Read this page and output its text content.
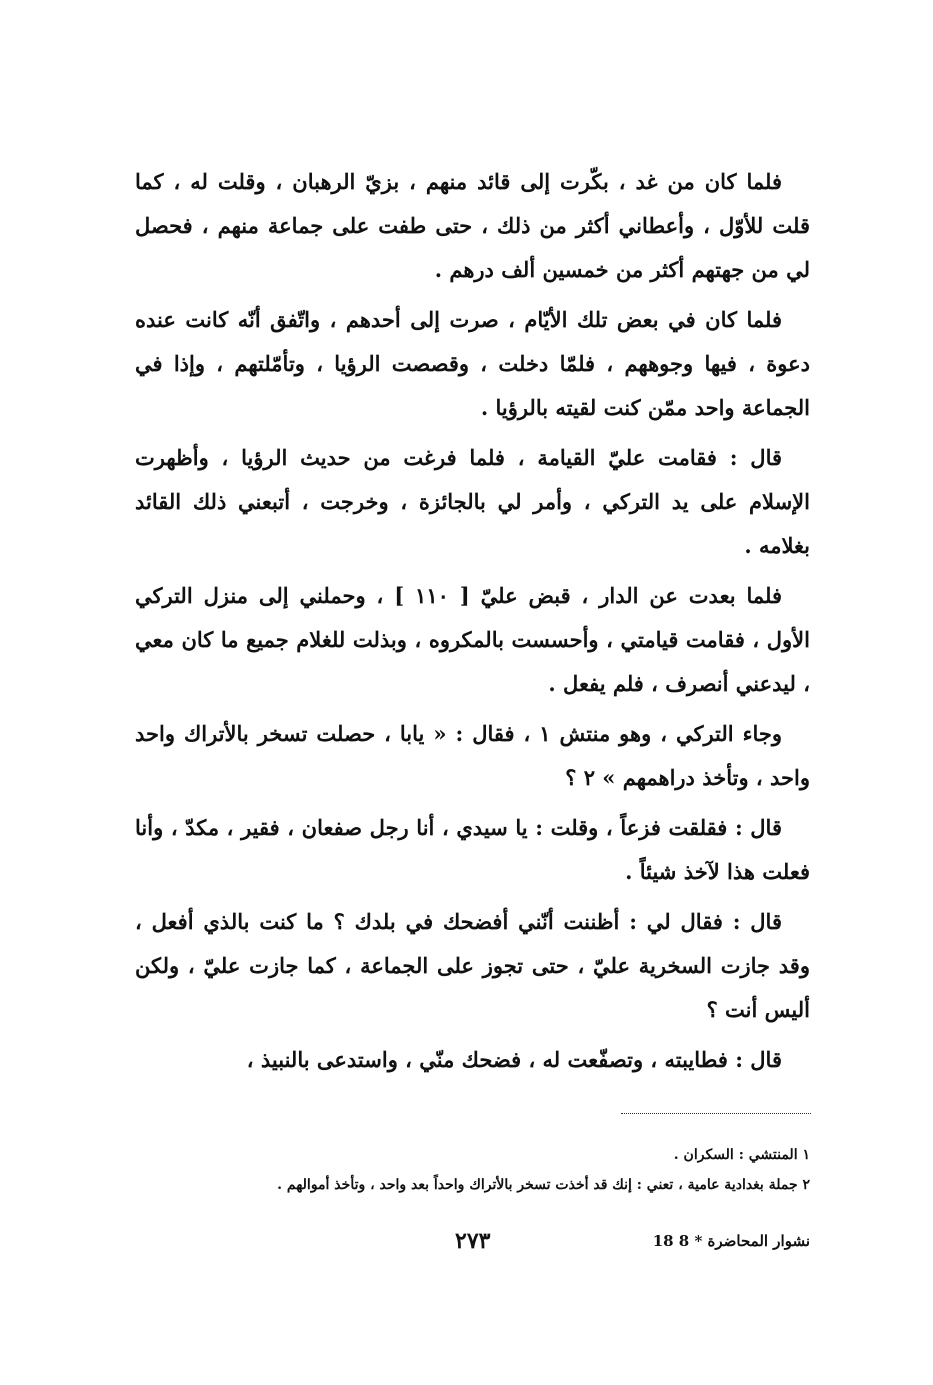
فلما كان من غد ، بكّرت إلى قائد منهم ، بزيّ الرهبان ، وقلت له ، كما قلت للأوّل ، وأعطاني أكثر من ذلك ، حتى طفت على جماعة منهم ، فحصل لي من جهتهم أكثر من خمسين ألف درهم .

فلما كان في بعض تلك الأيّام ، صرت إلى أحدهم ، واتّفق أنّه كانت عنده دعوة ، فيها وجوههم ، فلمّا دخلت ، وقصصت الرؤيا ، وتأمّلتهم ، وإذا في الجماعة واحد ممّن كنت لقيته بالرؤيا .

قال : فقامت عليّ القيامة ، فلما فرغت من حديث الرؤيا ، وأظهرت الإسلام على يد التركي ، وأمر لي بالجائزة ، وخرجت ، أتبعني ذلك القائد بغلامه .

فلما بعدت عن الدار ، قبض عليّ [ ١١٠ ] ، وحملني إلى منزل التركي الأول ، فقامت قيامتي ، وأحسست بالمكروه ، وبذلت للغلام جميع ما كان معي ، ليدعني أنصرف ، فلم يفعل .

وجاء التركي ، وهو منتش ١ ، فقال : « يابا ، حصلت تسخر بالأتراك واحد واحد ، وتأخذ دراهمهم » ٢ ؟

قال : فقلقت فزعاً ، وقلت : يا سيدي ، أنا رجل صفعان ، فقير ، مكدّ ، وأنا فعلت هذا لآخذ شيئاً .

قال : فقال لي : أظننت أنّني أفضحك في بلدك ؟ ما كنت بالذي أفعل ، وقد جازت السخرية عليّ ، حتى تجوز على الجماعة ، كما جازت عليّ ، ولكن أليس أنت ؟

قال : فطايبته ، وتصفّعت له ، فضحك منّي ، واستدعى بالنبيذ ،

١ المنتشي : السكران .
٢ جملة بغدادية عامية ، تعني : إنك قد أخذت تسخر بالأتراك واحداً بعد واحد ، وتأخذ أموالهم .
٢٧٣	18 نشوار المحاضرة * 8
